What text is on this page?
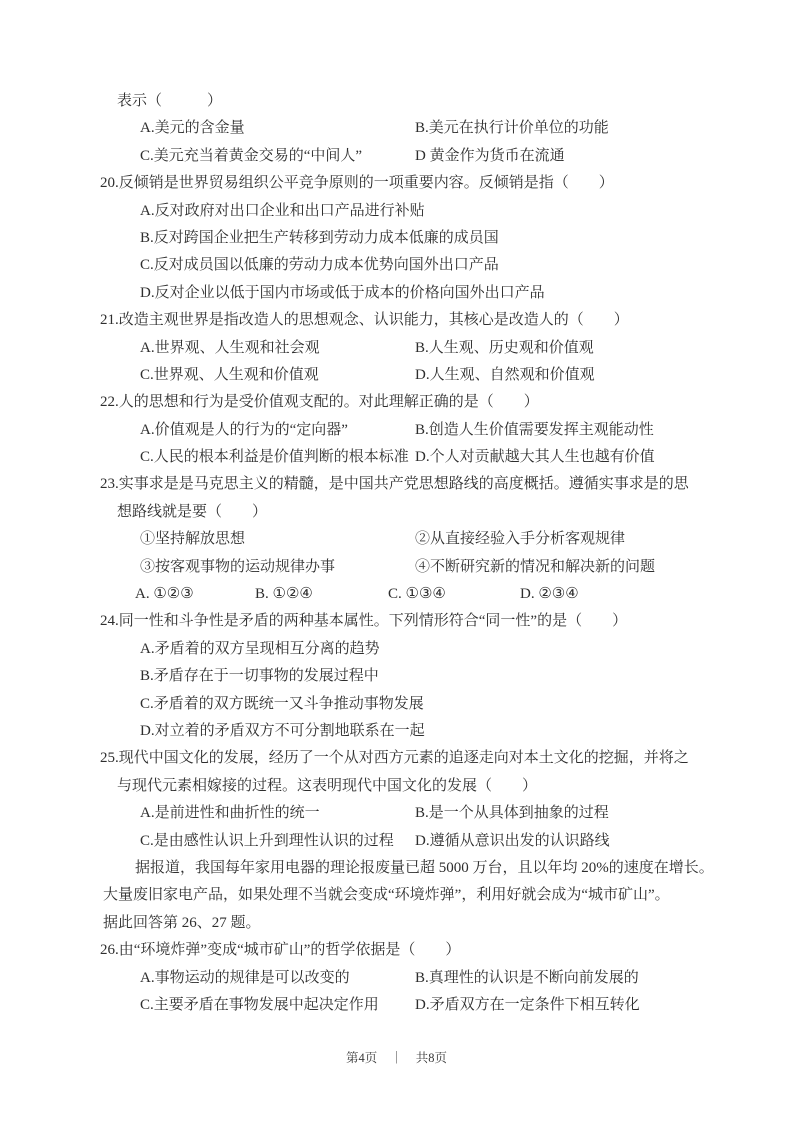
表示（　　　）
A.美元的含金量	B.美元在执行计价单位的功能
C.美元充当着黄金交易的“中间人”	D 黄金作为货币在流通
20.反倾销是世界贸易组织公平竞争原则的一项重要内容。反倾销是指（　　）
A.反对政府对出口企业和出口产品进行补贴
B.反对跨国企业把生产转移到劳动力成本低廉的成员国
C.反对成员国以低廉的劳动力成本优势向国外出口产品
D.反对企业以低于国内市场或低于成本的价格向国外出口产品
21.改造主观世界是指改造人的思想观念、认识能力，其核心是改造人的（　　）
A.世界观、人生观和社会观	B.人生观、历史观和价值观
C.世界观、人生观和价值观	D.人生观、自然观和价值观
22.人的思想和行为是受价值观支配的。对此理解正确的是（　　）
A.价值观是人的行为的“定向器”	B.创造人生价值需要发挥主观能动性
C.人民的根本利益是价值判断的根本标准 D.个人对贡献越大其人生也越有价值
23.实事求是是马克思主义的精髓，是中国共产党思想路线的高度概括。遵循实事求是的思
想路线就是要（　　）
①坚持解放思想	②从直接经验入手分析客观规律
③按客观事物的运动规律办事	④不断研究新的情况和解决新的问题
A. ①②③	B. ①②④	C. ①③④	D. ②③④
24.同一性和斗争性是矛盾的两种基本属性。下列情形符合“同一性”的是（　　）
A.矛盾着的双方呈现相互分离的趋势
B.矛盾存在于一切事物的发展过程中
C.矛盾着的双方既统一又斗争推动事物发展
D.对立着的矛盾双方不可分割地联系在一起
25.现代中国文化的发展，经历了一个从对西方元素的追逐走向对本土文化的挖掘，并将之
与现代元素相嫁接的过程。这表明现代中国文化的发展（　　）
A.是前进性和曲折性的统一	B.是一个从具体到抽象的过程
C.是由感性认识上升到理性认识的过程	D.遵循从意识出发的认识路线
据报道，我国每年家用电器的理论报废量已超 5000 万台，且以年均 20%的速度在增长。
大量废旧家电产品，如果处理不当就会变成“环境炸弹”，利用好就会成为“城市矿山”。
据此回答第 26、27 题。
26.由“环境炸弹”变成“城市矿山”的哲学依据是（　　）
A.事物运动的规律是可以改变的	B.真理性的认识是不断向前发展的
C.主要矛盾在事物发展中起决定作用	D.矛盾双方在一定条件下相互转化
第4页 ｜ 共8页
